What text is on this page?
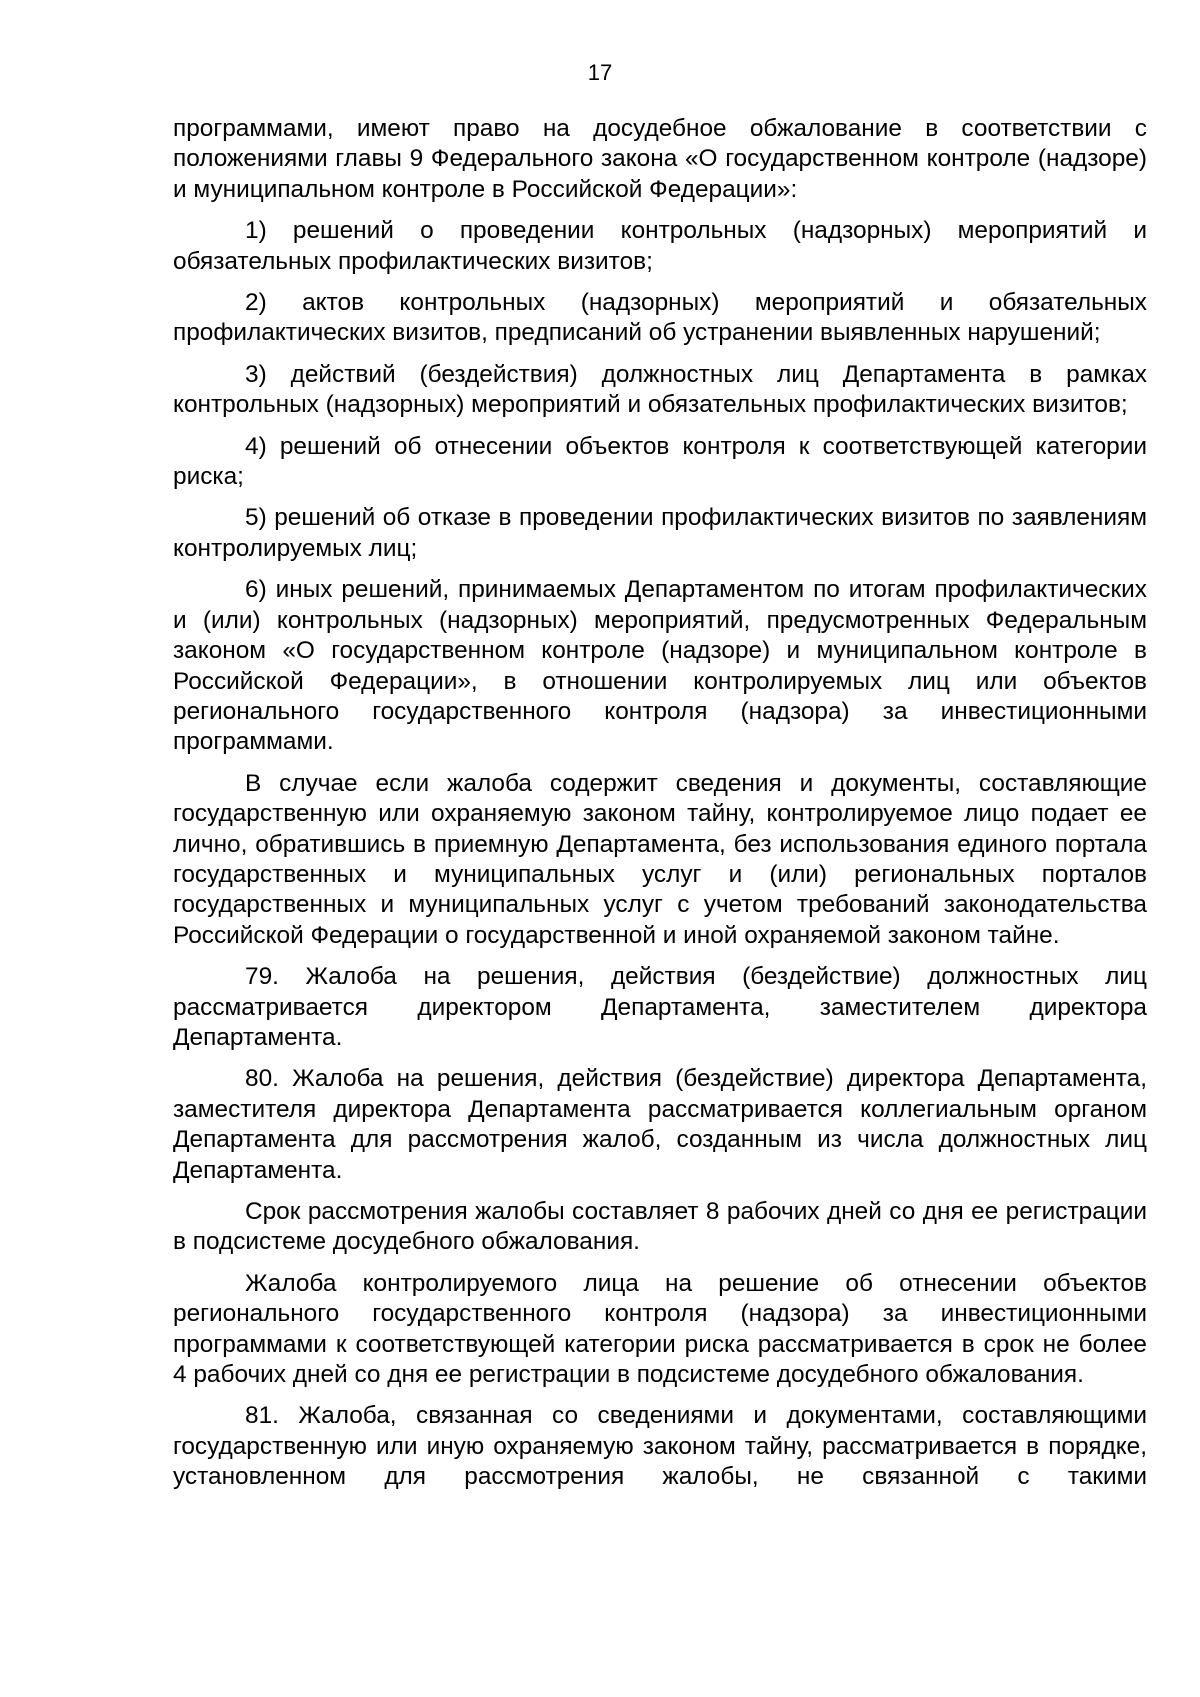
17

программами, имеют право на досудебное обжалование в соответствии с положениями главы 9 Федерального закона «О государственном контроле (надзоре) и муниципальном контроле в Российской Федерации»:

1) решений о проведении контрольных (надзорных) мероприятий и обязательных профилактических визитов;

2) актов контрольных (надзорных) мероприятий и обязательных профилактических визитов, предписаний об устранении выявленных нарушений;

3) действий (бездействия) должностных лиц Департамента в рамках контрольных (надзорных) мероприятий и обязательных профилактических визитов;

4) решений об отнесении объектов контроля к соответствующей категории риска;

5) решений об отказе в проведении профилактических визитов по заявлениям контролируемых лиц;

6) иных решений, принимаемых Департаментом по итогам профилактических и (или) контрольных (надзорных) мероприятий, предусмотренных Федеральным законом «О государственном контроле (надзоре) и муниципальном контроле в Российской Федерации», в отношении контролируемых лиц или объектов регионального государственного контроля (надзора) за инвестиционными программами.

В случае если жалоба содержит сведения и документы, составляющие государственную или охраняемую законом тайну, контролируемое лицо подает ее лично, обратившись в приемную Департамента, без использования единого портала государственных и муниципальных услуг и (или) региональных порталов государственных и муниципальных услуг с учетом требований законодательства Российской Федерации о государственной и иной охраняемой законом тайне.

79. Жалоба на решения, действия (бездействие) должностных лиц рассматривается директором Департамента, заместителем директора Департамента.

80. Жалоба на решения, действия (бездействие) директора Департамента, заместителя директора Департамента рассматривается коллегиальным органом Департамента для рассмотрения жалоб, созданным из числа должностных лиц Департамента.

Срок рассмотрения жалобы составляет 8 рабочих дней со дня ее регистрации в подсистеме досудебного обжалования.

Жалоба контролируемого лица на решение об отнесении объектов регионального государственного контроля (надзора) за инвестиционными программами к соответствующей категории риска рассматривается в срок не более 4 рабочих дней со дня ее регистрации в подсистеме досудебного обжалования.

81. Жалоба, связанная со сведениями и документами, составляющими государственную или иную охраняемую законом тайну, рассматривается в порядке, установленном для рассмотрения жалобы, не связанной с такими
